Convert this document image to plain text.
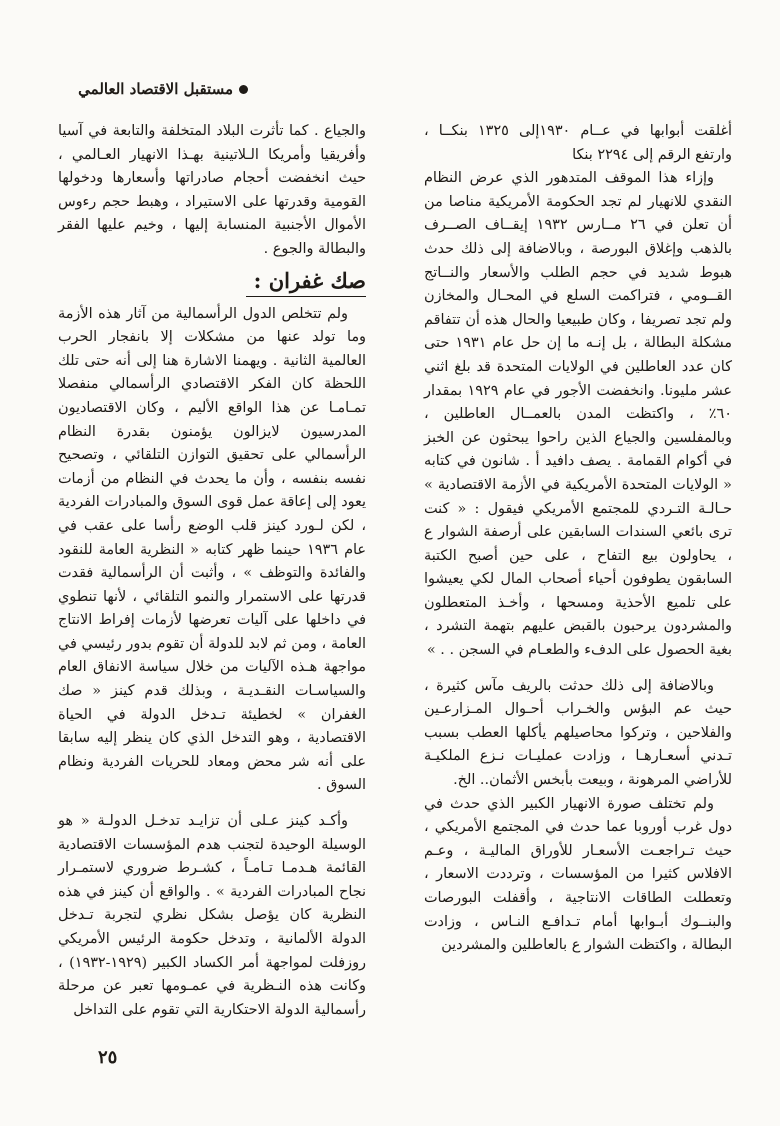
مستقبل الاقتصاد العالمي

أغلقت أبوابها في عــام ١٩٣٠إلى ١٣٢٥ بنكــا ، وارتفع الرقم إلى ٢٢٩٤ بنكا

وإزاء هذا الموقف المتدهور الذي عرض النظام النقدي للانهيار لم تجد الحكومة الأمريكية مناصا من أن تعلن في ٢٦ مــارس ١٩٣٢ إيقــاف الصــرف بالذهب وإغلاق البورصة ، وبالاضافة إلى ذلك حدث هبوط شديد في حجم الطلب والأسعار والنــاتج القــومي ، فتراكمت السلع في المحـال والمخازن ولم تجد تصريفا ، وكان طبيعيا والحال هذه أن تتفاقم مشكلة البطالة ، بل إنـه ما إن حل عام ١٩٣١ حتى كان عدد العاطلين في الولايات المتحدة قد بلغ اثني عشر مليونا. وانخفضت الأجور في عام ١٩٢٩ بمقدار ٦٠٪ ، واكتظت المدن بالعمــال العاطلين ، وبالمفلسين والجياع الذين راحوا يبحثون عن الخبز في أكوام القمامة . يصف دافيد أ . شانون في كتابه « الولايات المتحدة الأمريكية في الأزمة الاقتصادية » حـالـة التـردي للمجتمع الأمريكي فيقول : « كنت ترى بائعي السندات السابقين على أرصفة الشوار ع ، يحاولون بيع التفاح ، على حين أصبح الكتبة السابقون يطوفون أحياء أصحاب المال لكي يعيشوا على تلميع الأحذية ومسحها ، وأخـذ المتعطلون والمشردون يرحبون بالقبض عليهم بتهمة التشرد ، بغية الحصول على الدفء والطعـام في السجن . . »

وبالاضافة إلى ذلك حدثت بالريف مآس كثيرة ، حيث عم البؤس والخـراب أحـوال المـزارعـين والفلاحين ، وتركوا محاصيلهم يأكلها العطب بسبب تـدني أسعـارهـا ، وزادت عمليـات نـزع الملكيـة للأراضي المرهونة ، وبيعت بأبخس الأثمان.. الخ.

ولم تختلف صورة الانهيار الكبير الذي حدث في دول غرب أوروبا عما حدث في المجتمع الأمريكي ، حيث تـراجعـت الأسعـار للأوراق الماليـة ، وعـم الافلاس كثيرا من المؤسسات ، وترددت الاسعار ، وتعطلت الطاقات الانتاجية ، وأقفلت البورصات والبنــوك أبـوابها أمام تـدافـع النـاس ، وزادت البطالة ، واكتظت الشوار ع بالعاطلين والمشردين

والجياع . كما تأثرت البلاد المتخلفة والتابعة في آسيا وأفريقيا وأمريكا الـلاتينية بهـذا الانهيار العـالمي ، حيث انخفضت أحجام صادراتها وأسعارها ودخولها القومية وقدرتها على الاستيراد ، وهبط حجم رءوس الأموال الأجنبية المنسابة إليها ، وخيم عليها الفقر والبطالة والجوع .

صك غفران :

ولم تتخلص الدول الرأسمالية من آثار هذه الأزمة وما تولد عنها من مشكلات إلا بانفجار الحرب العالمية الثانية . ويهمنا الاشارة هنا إلى أنه حتى تلك اللحظة كان الفكر الاقتصادي الرأسمالي منفصلا تمـامـا عن هذا الواقع الأليم ، وكان الاقتصاديون المدرسيون لايزالون يؤمنون بقدرة النظام الرأسمالي على تحقيق التوازن التلقائي ، وتصحيح نفسه بنفسه ، وأن ما يحدث في النظام من أزمات يعود إلى إعاقة عمل قوى السوق والمبادرات الفردية ، لكن لـورد كينز قلب الوضع رأسا على عقب في عام ١٩٣٦ حينما ظهر كتابه « النظرية العامة للنقود والفائدة والتوظف » ، وأثبت أن الرأسمالية فقدت قدرتها على الاستمرار والنمو التلقائي ، لأنها تنطوي في داخلها على آليات تعرضها لأزمات إفراط الانتاج العامة ، ومن ثم لابد للدولة أن تقوم بدور رئيسي في مواجهة هـذه الآليات من خلال سياسة الانفاق العام والسياسـات النقـديـة ، وبذلك قدم كينز « صك الغفران » لخطيئة تـدخل الدولة في الحياة الاقتصادية ، وهو التدخل الذي كان ينظر إليه سابقا على أنه شر محض ومعاد للحريات الفردية ونظام السوق .

وأكـد كينز عـلى أن تزايـد تدخـل الدولـة « هو الوسيلة الوحيدة لتجنب هدم المؤسسات الاقتصادية القائمة هـدمـا تـامـاً ، كشـرط ضروري لاستمـرار نجاح المبادرات الفردية » . والواقع أن كينز في هذه النظرية كان يؤصل بشكل نظري لتجربة تـدخل الدولة الألمانية ، وتدخل حكومة الرئيس الأمريكي روزفلت لمواجهة أمر الكساد الكبير (١٩٢٩-١٩٣٢) ، وكانت هذه النـظرية في عمـومها تعبر عن مرحلة رأسمالية الدولة الاحتكارية التي تقوم على التداخل

٢٥
